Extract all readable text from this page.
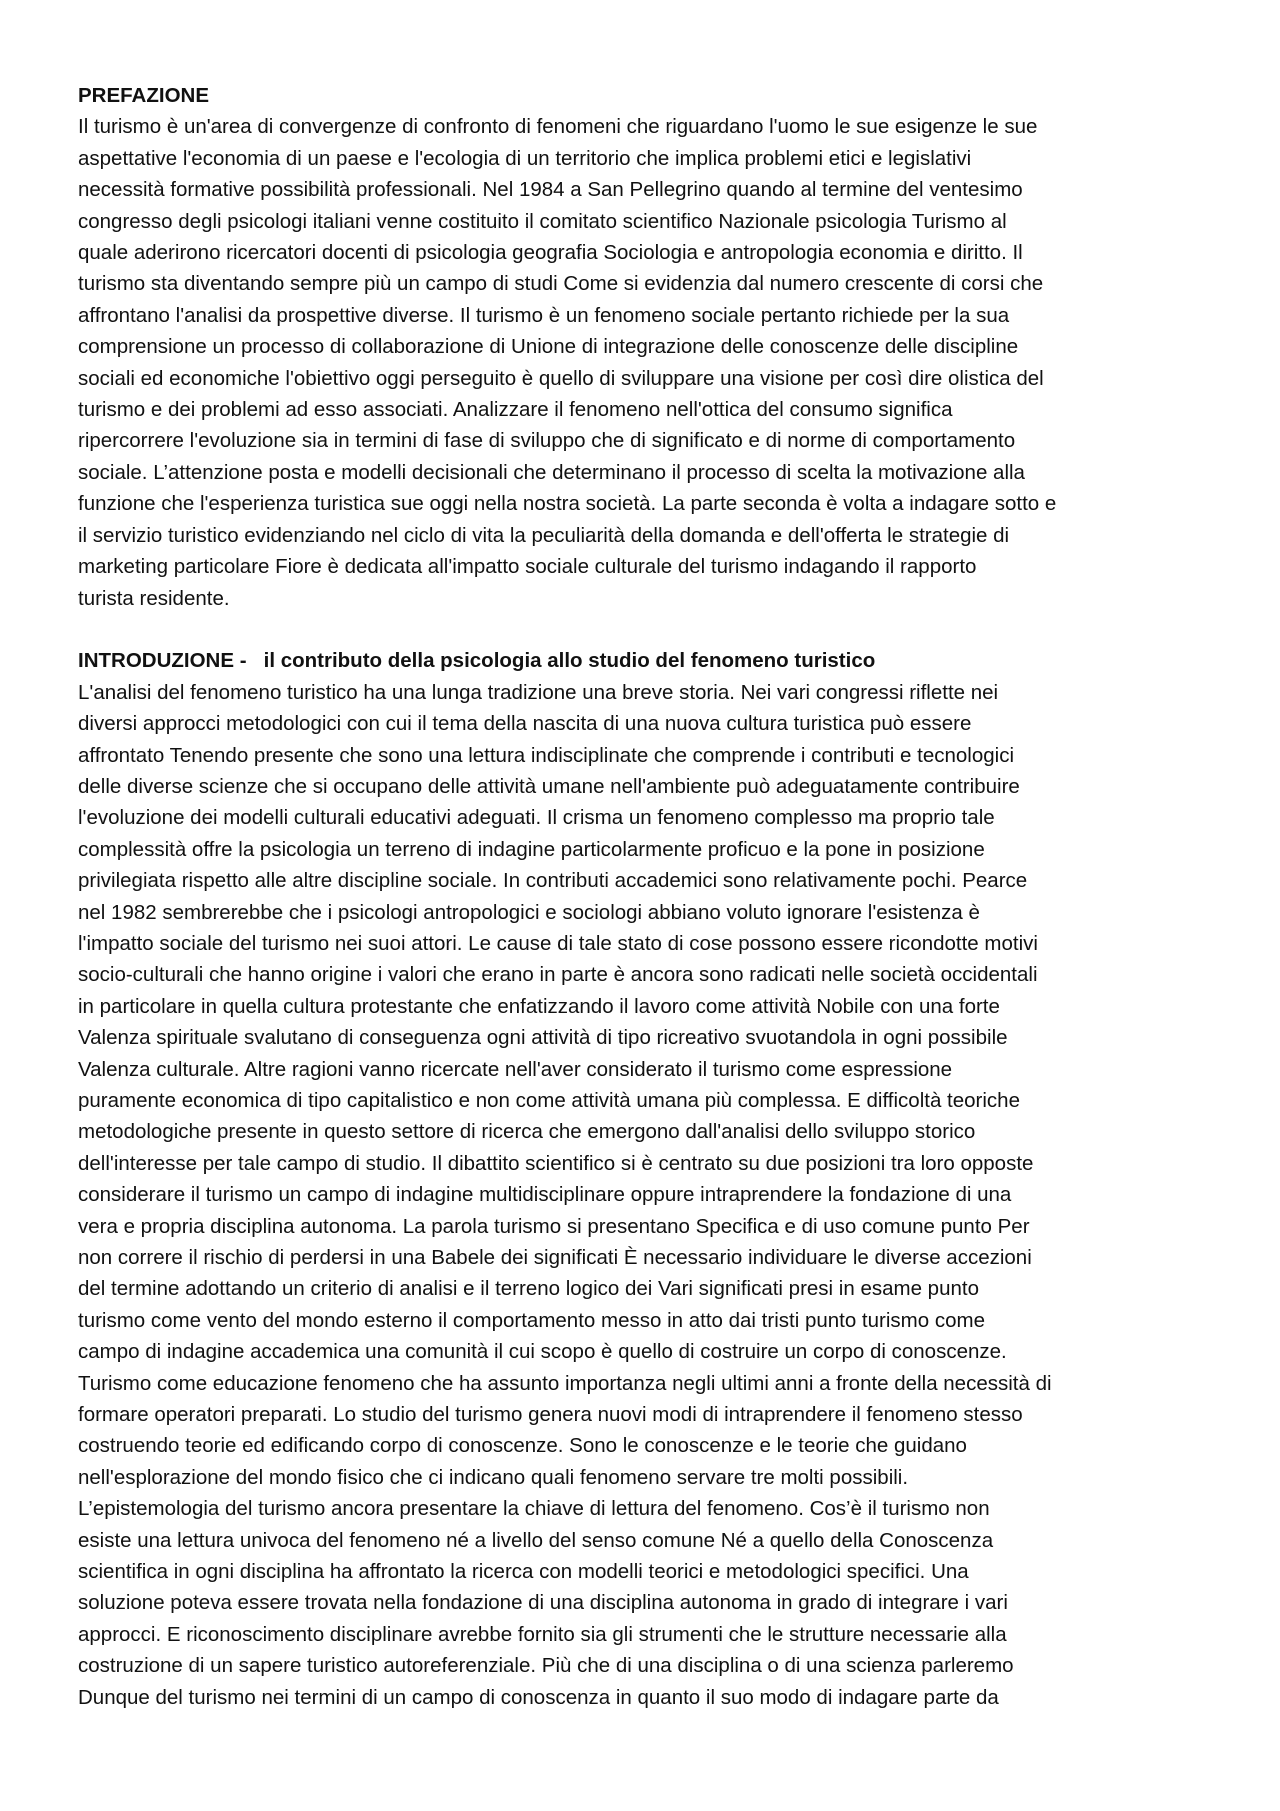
PREFAZIONE
Il turismo è un'area di convergenze di confronto di fenomeni che riguardano l'uomo le sue esigenze le sue
aspettative l'economia di un paese e l'ecologia di un territorio che implica problemi etici e legislativi
necessità formative possibilità professionali. Nel 1984 a San Pellegrino quando al termine del ventesimo
congresso degli psicologi italiani venne costituito il comitato scientifico Nazionale psicologia Turismo al
quale aderirono ricercatori docenti di psicologia geografia Sociologia e antropologia economia e diritto. Il
turismo sta diventando sempre più un campo di studi Come si evidenzia dal numero crescente di corsi che
affrontano l'analisi da prospettive diverse. Il turismo è un fenomeno sociale pertanto richiede per la sua
comprensione un processo di collaborazione di Unione di integrazione delle conoscenze delle discipline
sociali ed economiche l'obiettivo oggi perseguito è quello di sviluppare una visione per così dire olistica del
turismo e dei problemi ad esso associati. Analizzare il fenomeno nell'ottica del consumo significa
ripercorrere l'evoluzione sia in termini di fase di sviluppo che di significato e di norme di comportamento
sociale. L’attenzione posta e modelli decisionali che determinano il processo di scelta la motivazione alla
funzione che l'esperienza turistica sue oggi nella nostra società. La parte seconda è volta a indagare sotto e
il servizio turistico evidenziando nel ciclo di vita la peculiarità della domanda e dell'offerta le strategie di
marketing particolare Fiore è dedicata all'impatto sociale culturale del turismo indagando il rapporto
turista residente.
INTRODUZIONE -   il contributo della psicologia allo studio del fenomeno turistico
L'analisi del fenomeno turistico ha una lunga tradizione una breve storia. Nei vari congressi riflette nei
diversi approcci metodologici con cui il tema della nascita di una nuova cultura turistica può essere
affrontato Tenendo presente che sono una lettura indisciplinate che comprende i contributi e tecnologici
delle diverse scienze che si occupano delle attività umane nell'ambiente può adeguatamente contribuire
l'evoluzione dei modelli culturali educativi adeguati. Il crisma un fenomeno complesso ma proprio tale
complessità offre la psicologia un terreno di indagine particolarmente proficuo e la pone in posizione
privilegiata rispetto alle altre discipline sociale. In contributi accademici sono relativamente pochi. Pearce
nel 1982 sembrerebbe che i psicologi antropologici e sociologi abbiano voluto ignorare l'esistenza è
l'impatto sociale del turismo nei suoi attori. Le cause di tale stato di cose possono essere ricondotte motivi
socio-culturali che hanno origine i valori che erano in parte è ancora sono radicati nelle società occidentali
in particolare in quella cultura protestante che enfatizzando il lavoro come attività Nobile con una forte
Valenza spirituale svalutano di conseguenza ogni attività di tipo ricreativo svuotandola in ogni possibile
Valenza culturale. Altre ragioni vanno ricercate nell'aver considerato il turismo come espressione
puramente economica di tipo capitalistico e non come attività umana più complessa. E difficoltà teoriche
metodologiche presente in questo settore di ricerca che emergono dall'analisi dello sviluppo storico
dell'interesse per tale campo di studio. Il dibattito scientifico si è centrato su due posizioni tra loro opposte
considerare il turismo un campo di indagine multidisciplinare oppure intraprendere la fondazione di una
vera e propria disciplina autonoma. La parola turismo si presentano Specifica e di uso comune punto Per
non correre il rischio di perdersi in una Babele dei significati È necessario individuare le diverse accezioni
del termine adottando un criterio di analisi e il terreno logico dei Vari significati presi in esame punto
turismo come vento del mondo esterno il comportamento messo in atto dai tristi punto turismo come
campo di indagine accademica una comunità il cui scopo è quello di costruire un corpo di conoscenze.
Turismo come educazione fenomeno che ha assunto importanza negli ultimi anni a fronte della necessità di
formare operatori preparati. Lo studio del turismo genera nuovi modi di intraprendere il fenomeno stesso
costruendo teorie ed edificando corpo di conoscenze. Sono le conoscenze e le teorie che guidano
nell'esplorazione del mondo fisico che ci indicano quali fenomeno servare tre molti possibili.
L’epistemologia del turismo ancora presentare la chiave di lettura del fenomeno. Cos’è il turismo non
esiste una lettura univoca del fenomeno né a livello del senso comune Né a quello della Conoscenza
scientifica in ogni disciplina ha affrontato la ricerca con modelli teorici e metodologici specifici. Una
soluzione poteva essere trovata nella fondazione di una disciplina autonoma in grado di integrare i vari
approcci. E riconoscimento disciplinare avrebbe fornito sia gli strumenti che le strutture necessarie alla
costruzione di un sapere turistico autoreferenziale. Più che di una disciplina o di una scienza parleremo
Dunque del turismo nei termini di un campo di conoscenza in quanto il suo modo di indagare parte da
